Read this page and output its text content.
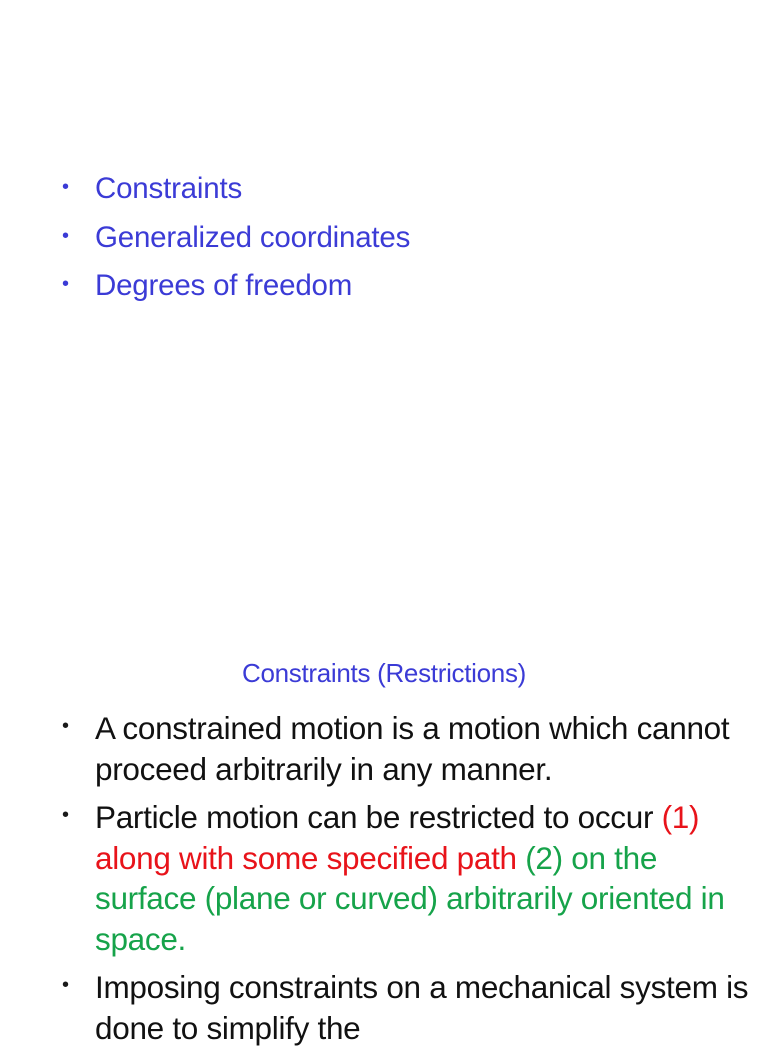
• Constraints
• Generalized coordinates
• Degrees of freedom
Constraints (Restrictions)
• A constrained motion is a motion which cannot proceed arbitrarily in any manner.
• Particle motion can be restricted to occur (1) along with some specified path (2) on the surface (plane or curved) arbitrarily oriented in space.
• Imposing constraints on a mechanical system is done to simplify the
